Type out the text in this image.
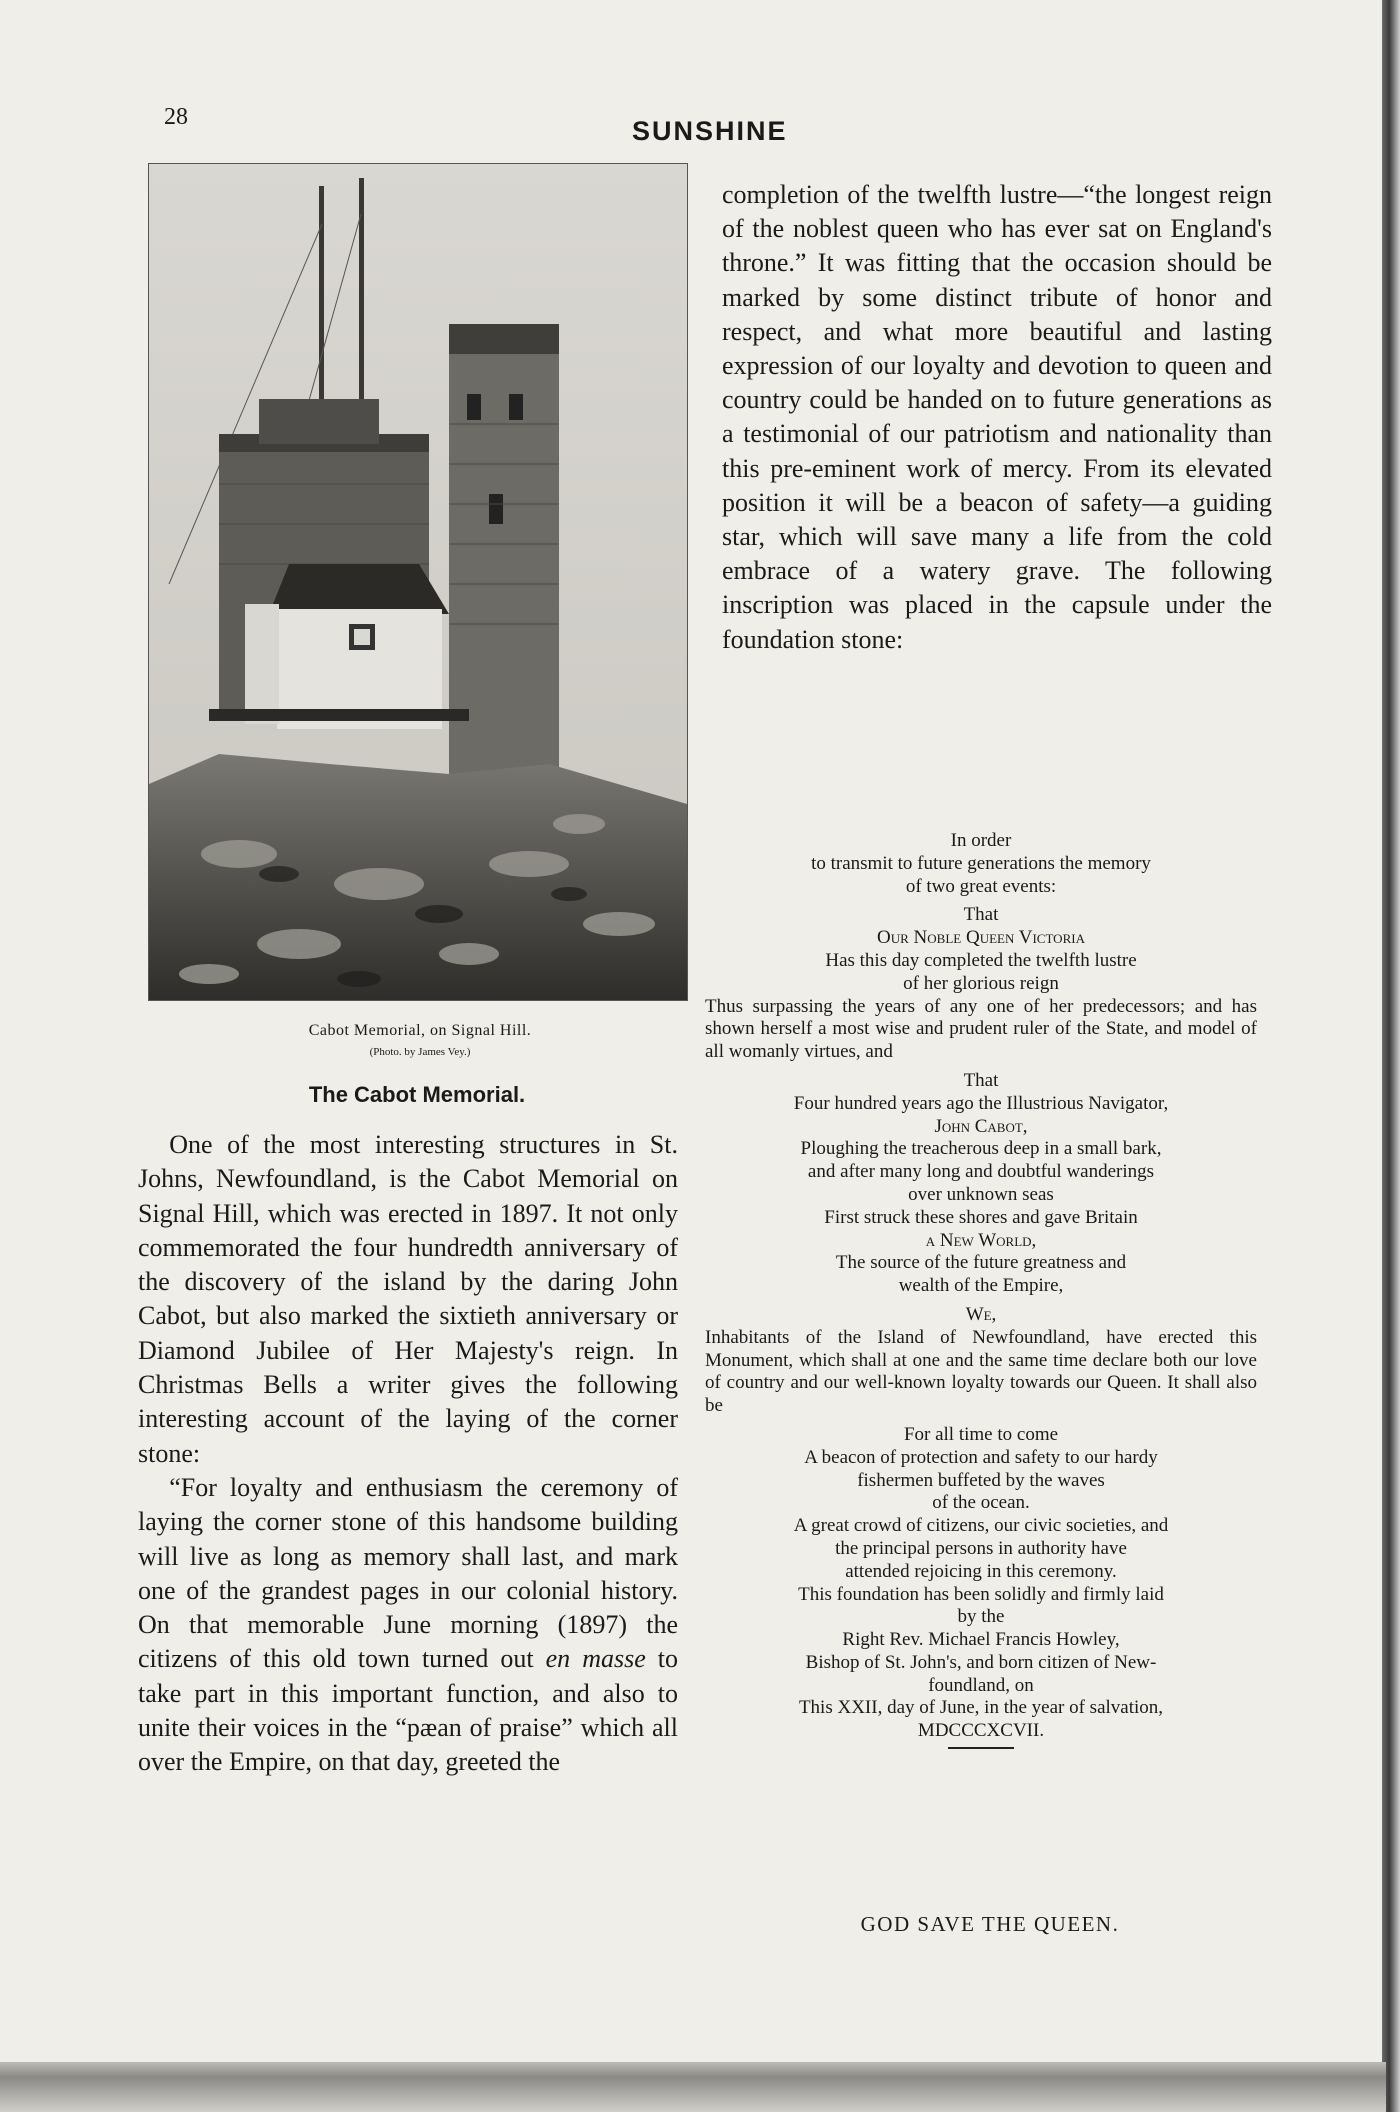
28	SUNSHINE
Cabot Memorial, on Signal Hill.
(Photo. by James Vey.)
The Cabot Memorial.

One of the most interesting structures in St. Johns, Newfoundland, is the Cabot Memorial on Signal Hill, which was erected in 1897. It not only commemorated the four hundredth anniversary of the discovery of the island by the daring John Cabot, but also marked the sixtieth anniversary or Diamond Jubilee of Her Majesty's reign. In Christmas Bells a writer gives the following interesting account of the laying of the corner stone:

“For loyalty and enthusiasm the ceremony of laying the corner stone of this handsome building will live as long as memory shall last, and mark one of the grandest pages in our colonial history. On that memorable June morning (1897) the citizens of this old town turned out en masse to take part in this important function, and also to unite their voices in the “pæan of praise” which all over the Empire, on that day, greeted the

completion of the twelfth lustre—“the longest reign of the noblest queen who has ever sat on England's throne.” It was fitting that the occasion should be marked by some distinct tribute of honor and respect, and what more beautiful and lasting expression of our loyalty and devotion to queen and country could be handed on to future generations as a testimonial of our patriotism and nationality than this pre-eminent work of mercy. From its elevated position it will be a beacon of safety—a guiding star, which will save many a life from the cold embrace of a watery grave. The following inscription was placed in the capsule under the foundation stone:

In order
to transmit to future generations the memory
of two great events:
That
Our Noble Queen Victoria
Has this day completed the twelfth lustre
of her glorious reign
Thus surpassing the years of any one of her predecessors; and has shown herself a most wise and prudent ruler of the State, and model of all womanly virtues, and
That
Four hundred years ago the Illustrious Navigator,
John Cabot,
Ploughing the treacherous deep in a small bark,
and after many long and doubtful wanderings
over unknown seas
First struck these shores and gave Britain
a New World,
The source of the future greatness and
wealth of the Empire,
We,
Inhabitants of the Island of Newfoundland, have erected this Monument, which shall at one and the same time declare both our love of country and our well-known loyalty towards our Queen. It shall also be
For all time to come
A beacon of protection and safety to our hardy
fishermen buffeted by the waves
of the ocean.
A great crowd of citizens, our civic societies, and
the principal persons in authority have
attended rejoicing in this ceremony.
This foundation has been solidly and firmly laid
by the
Right Rev. Michael Francis Howley,
Bishop of St. John's, and born citizen of New-
foundland, on
This XXII, day of June, in the year of salvation,
MDCCCXCVII.
GOD SAVE THE QUEEN.
